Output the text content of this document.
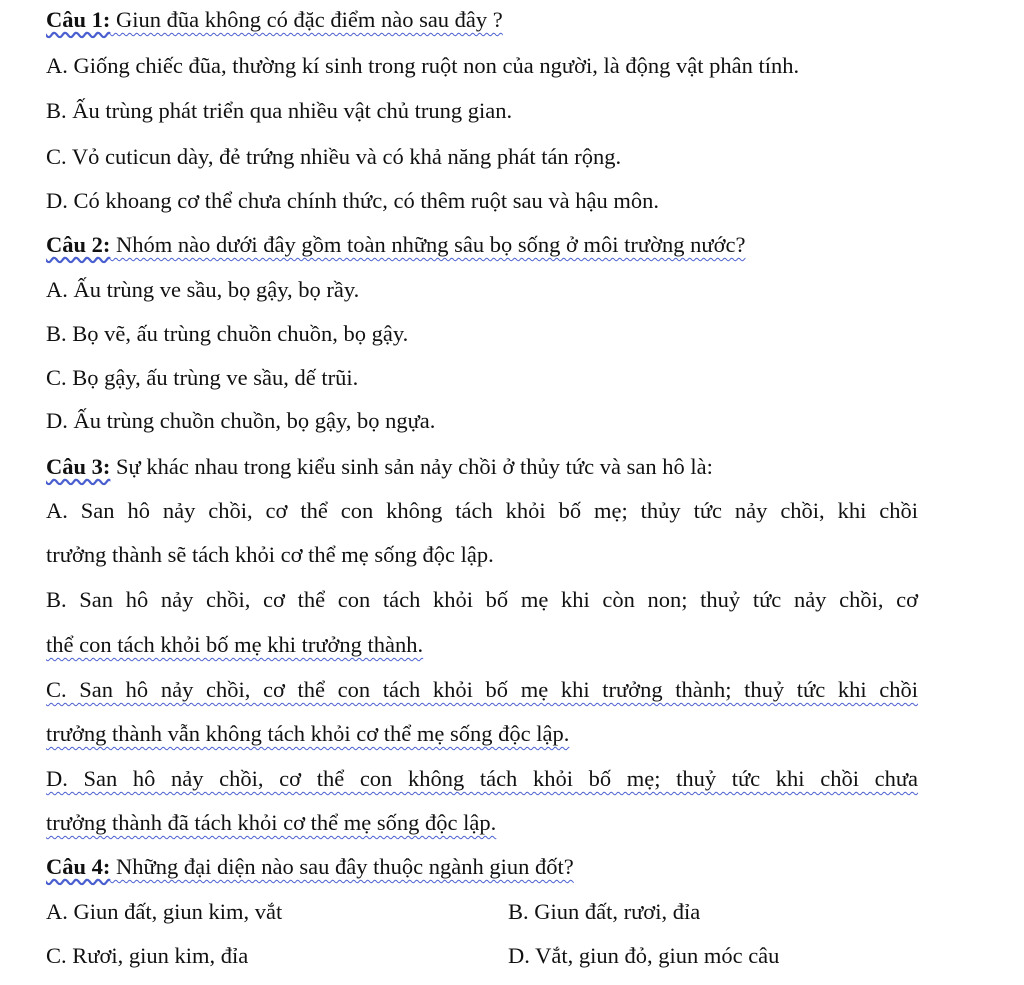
Câu 1: Giun đũa không có đặc điểm nào sau đây ?
A. Giống chiếc đũa, thường kí sinh trong ruột non của người, là động vật phân tính.
B. Ấu trùng phát triển qua nhiều vật chủ trung gian.
C. Vỏ cuticun dày, đẻ trứng nhiều và có khả năng phát tán rộng.
D. Có khoang cơ thể chưa chính thức, có thêm ruột sau và hậu môn.
Câu 2: Nhóm nào dưới đây gồm toàn những sâu bọ sống ở môi trường nước?
A. Ấu trùng ve sầu, bọ gậy, bọ rầy.
B. Bọ vẽ, ấu trùng chuồn chuồn, bọ gậy.
C. Bọ gậy, ấu trùng ve sầu, dế trũi.
D. Ấu trùng chuồn chuồn, bọ gậy, bọ ngựa.
Câu 3: Sự khác nhau trong kiểu sinh sản nảy chồi ở thủy tức và san hô là:
A. San hô nảy chồi, cơ thể con không tách khỏi bố mẹ; thủy tức nảy chồi, khi chồi
trưởng thành sẽ tách khỏi cơ thể mẹ sống độc lập.
B. San hô nảy chồi, cơ thể con tách khỏi bố mẹ khi còn non; thuỷ tức nảy chồi, cơ
thể con tách khỏi bố mẹ khi trưởng thành.
C. San hô nảy chồi, cơ thể con tách khỏi bố mẹ khi trưởng thành; thuỷ tức khi chồi
trưởng thành vẫn không tách khỏi cơ thể mẹ sống độc lập.
D. San hô nảy chồi, cơ thể con không tách khỏi bố mẹ; thuỷ tức khi chồi chưa
trưởng thành đã tách khỏi cơ thể mẹ sống độc lập.
Câu 4: Những đại diện nào sau đây thuộc ngành giun đốt?
A. Giun đất, giun kim, vắt	B. Giun đất, rươi, đỉa
C. Rươi, giun kim, đỉa	D. Vắt, giun đỏ, giun móc câu
